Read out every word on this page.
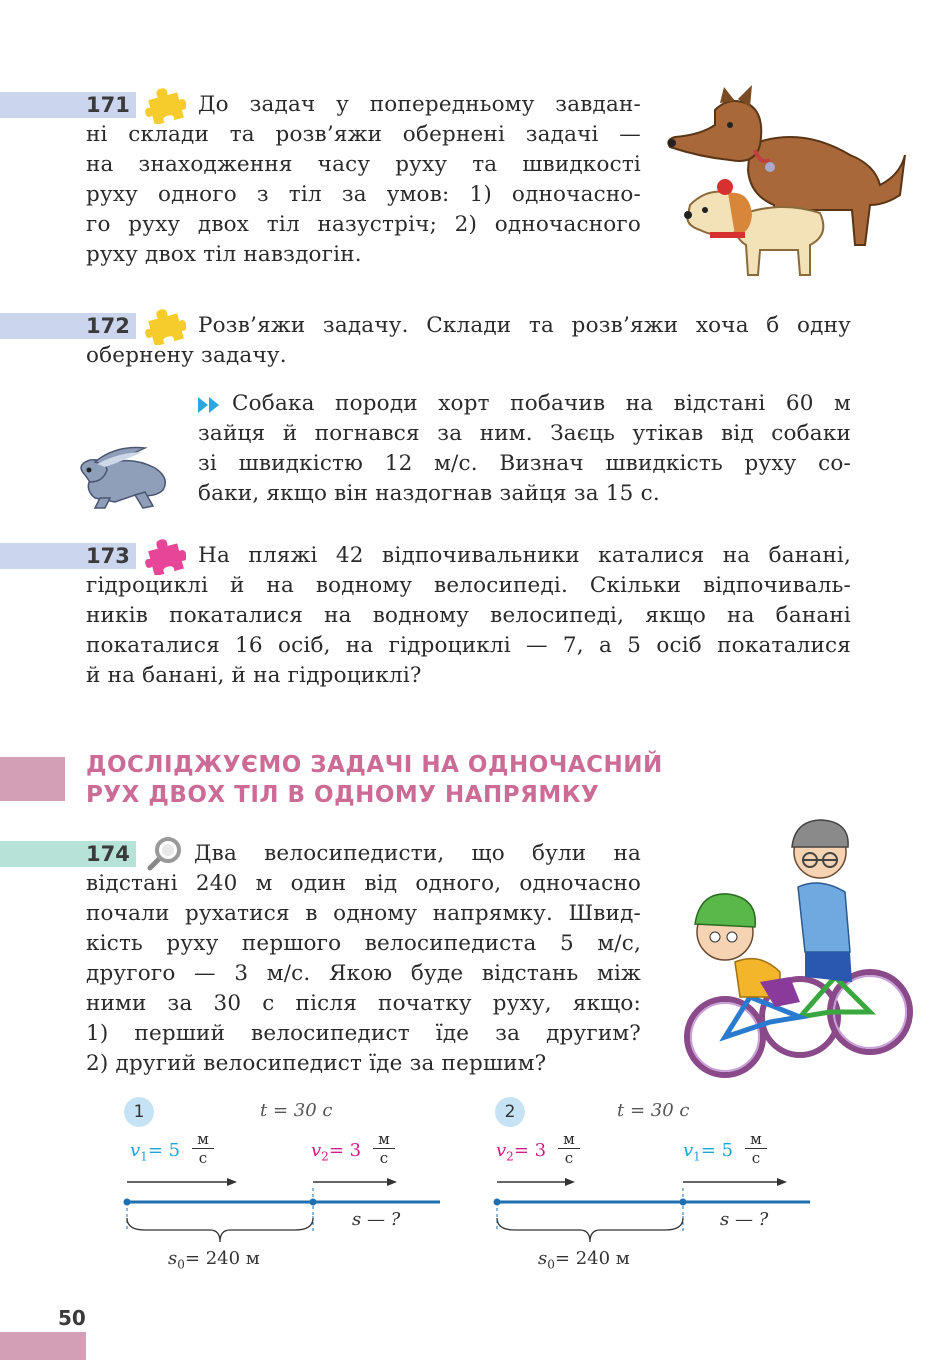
171	До задач у попередньому завдан-
ні склади та розв’яжи обернені задачі —
на знаходження часу руху та швидкості
руху одного з тіл за умов: 1) одночасно-
го руху двох тіл назустріч; 2) одночасного
руху двох тіл навздогін.
172	Розв’яжи задачу. Склади та розв’яжи хоча б одну
обернену задачу.
Собака породи хорт побачив на відстані 60 м
зайця й погнався за ним. Заєць утікав від собаки
зі швидкістю 12 м/с. Визнач швидкість руху со-
баки, якщо він наздогнав зайця за 15 с.
173	На пляжі 42 відпочивальники каталися на банані,
гідроциклі й на водному велосипеді. Скільки відпочиваль-
ників покаталися на водному велосипеді, якщо на банані
покаталися 16 осіб, на гідроциклі — 7, а 5 осіб покаталися
й на банані, й на гідроциклі?
ДОСЛІДЖУЄМО ЗАДАЧІ НА ОДНОЧАСНИЙ
РУХ ДВОХ ТІЛ В ОДНОМУ НАПРЯМКУ
174	Два велосипедисти, що були на
відстані 240 м один від одного, одночасно
почали рухатися в одному напрямку. Швид-
кість руху першого велосипедиста 5 м/с,
другого — 3 м/с. Якою буде відстань між
ними за 30 с після початку руху, якщо:
1) перший велосипедист їде за другим?
2) другий велосипедист їде за першим?
1	t = 30 с
$v_1= 5$
м
с	$v_2= 3$
м
с
s — ?
$s_0= 240$ м
2	t = 30 с
$v_2= 3$
м
с	$v_1= 5$
м
с
s — ?
$s_0= 240$ м
50
